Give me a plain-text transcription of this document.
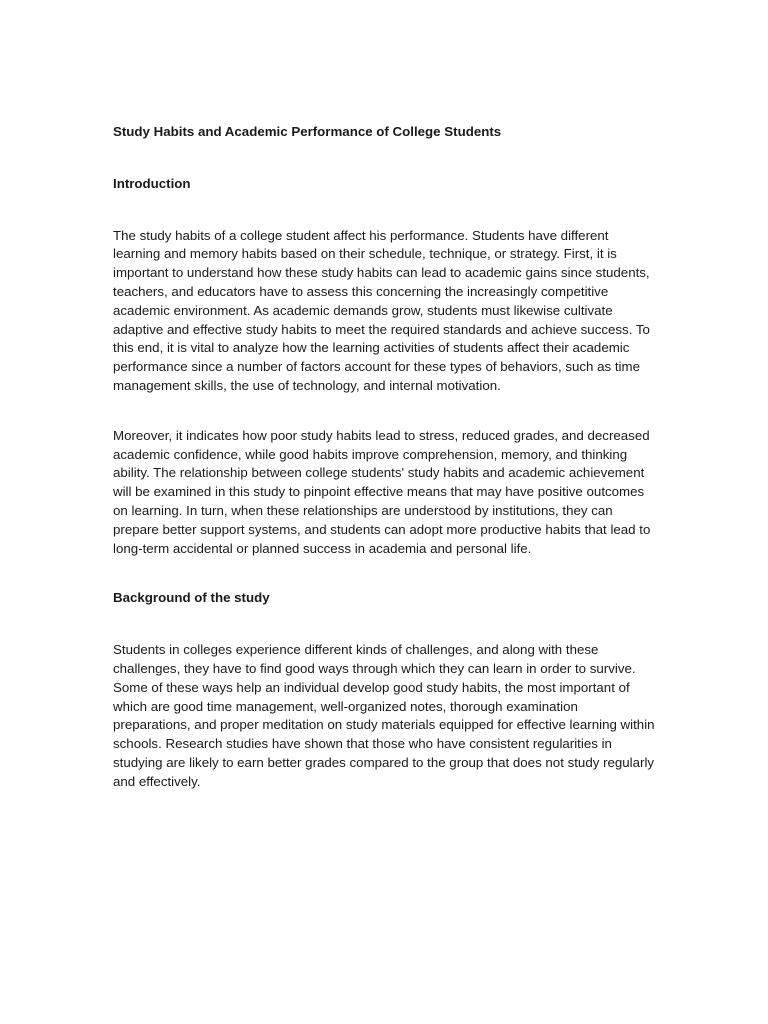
Study Habits and Academic Performance of College Students
Introduction

The study habits of a college student affect his performance. Students have different learning and memory habits based on their schedule, technique, or strategy. First, it is important to understand how these study habits can lead to academic gains since students, teachers, and educators have to assess this concerning the increasingly competitive academic environment. As academic demands grow, students must likewise cultivate adaptive and effective study habits to meet the required standards and achieve success. To this end, it is vital to analyze how the learning activities of students affect their academic performance since a number of factors account for these types of behaviors, such as time management skills, the use of technology, and internal motivation.

Moreover, it indicates how poor study habits lead to stress, reduced grades, and decreased academic confidence, while good habits improve comprehension, memory, and thinking ability. The relationship between college students' study habits and academic achievement will be examined in this study to pinpoint effective means that may have positive outcomes on learning. In turn, when these relationships are understood by institutions, they can prepare better support systems, and students can adopt more productive habits that lead to long-term accidental or planned success in academia and personal life.

Background of the study

Students in colleges experience different kinds of challenges, and along with these challenges, they have to find good ways through which they can learn in order to survive. Some of these ways help an individual develop good study habits, the most important of which are good time management, well-organized notes, thorough examination preparations, and proper meditation on study materials equipped for effective learning within schools. Research studies have shown that those who have consistent regularities in studying are likely to earn better grades compared to the group that does not study regularly and effectively.
